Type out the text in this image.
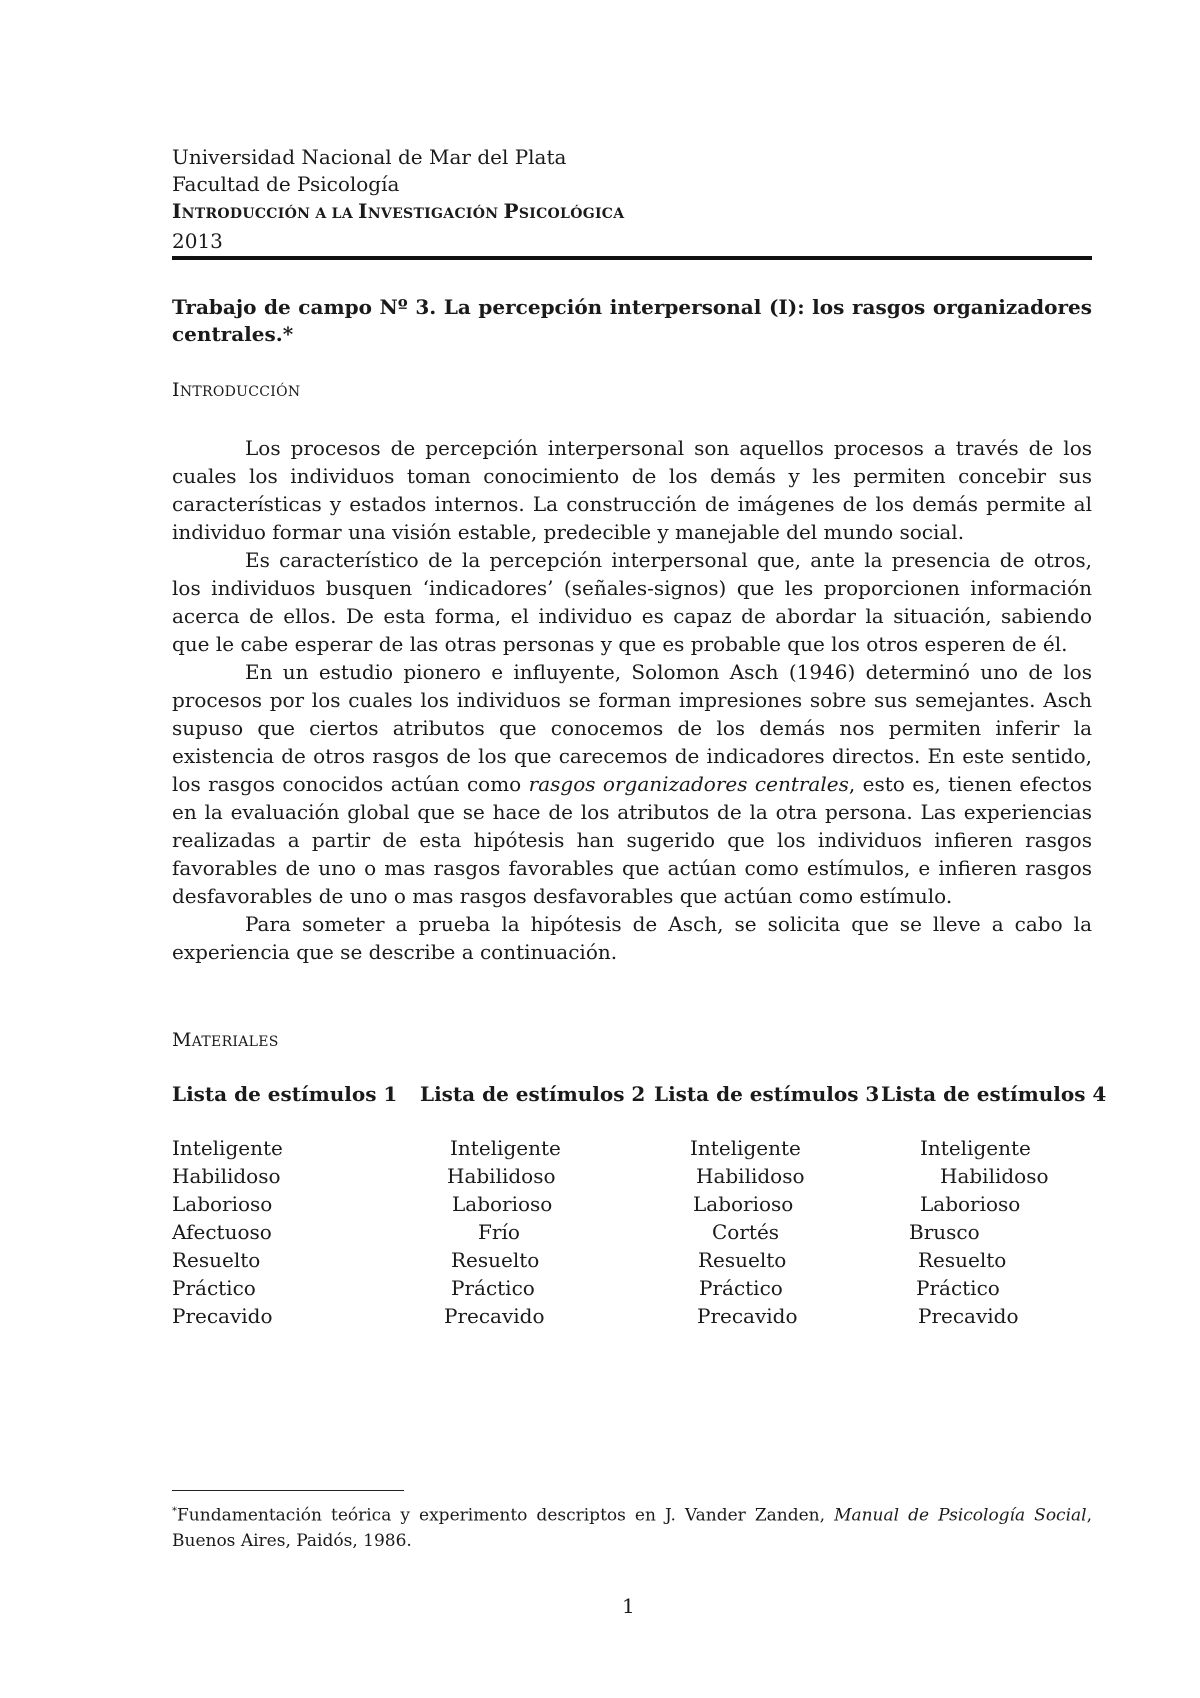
Universidad Nacional de Mar del Plata
Facultad de Psicología
INTRODUCCIÓN A LA INVESTIGACIÓN PSICOLÓGICA
2013
Trabajo de campo Nº 3. La percepción interpersonal (I): los rasgos organizadores centrales.*
INTRODUCCIÓN

Los procesos de percepción interpersonal son aquellos procesos a través de los cuales los individuos toman conocimiento de los demás y les permiten concebir sus características y estados internos. La construcción de imágenes de los demás permite al individuo formar una visión estable, predecible y manejable del mundo social.

Es característico de la percepción interpersonal que, ante la presencia de otros, los individuos busquen ‘indicadores’ (señales-signos) que les proporcionen información acerca de ellos. De esta forma, el individuo es capaz de abordar la situación, sabiendo que le cabe esperar de las otras personas y que es probable que los otros esperen de él.

En un estudio pionero e influyente, Solomon Asch (1946) determinó uno de los procesos por los cuales los individuos se forman impresiones sobre sus semejantes. Asch supuso que ciertos atributos que conocemos de los demás nos permiten inferir la existencia de otros rasgos de los que carecemos de indicadores directos. En este sentido, los rasgos conocidos actúan como rasgos organizadores centrales, esto es, tienen efectos en la evaluación global que se hace de los atributos de la otra persona. Las experiencias realizadas a partir de esta hipótesis han sugerido que los individuos infieren rasgos favorables de uno o mas rasgos favorables que actúan como estímulos, e infieren rasgos desfavorables de uno o mas rasgos desfavorables que actúan como estímulo.

Para someter a prueba la hipótesis de Asch, se solicita que se lleve a cabo la experiencia que se describe a continuación.

MATERIALES
Lista de estímulos 1 Lista de estímulos 2 Lista de estímulos 3 Lista de estímulos 4
Inteligente	Inteligente	Inteligente	Inteligente
Habilidoso	Habilidoso	Habilidoso	Habilidoso
Laborioso	Laborioso	Laborioso	Laborioso
Afectuoso	Frío	Cortés	Brusco
Resuelto	Resuelto	Resuelto	Resuelto
Práctico	Práctico	Práctico	Práctico
Precavido	Precavido	Precavido	Precavido
*Fundamentación teórica y experimento descriptos en J. Vander Zanden, Manual de Psicología Social, Buenos Aires, Paidós, 1986.
1
